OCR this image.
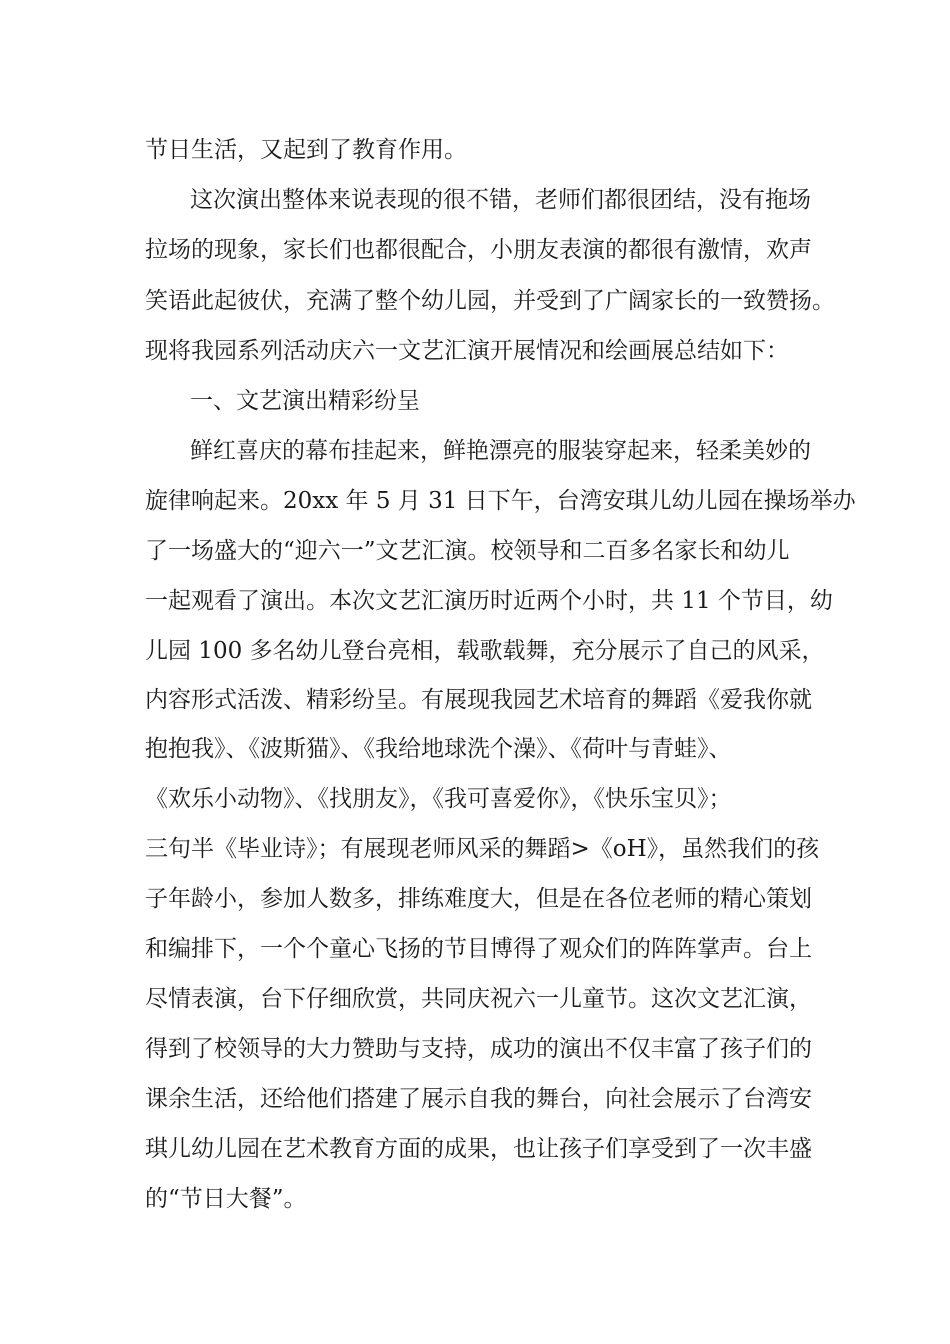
节日生活，又起到了教育作用。
这次演出整体来说表现的很不错，老师们都很团结，没有拖场
拉场的现象，家长们也都很配合，小朋友表演的都很有激情，欢声
笑语此起彼伏，充满了整个幼儿园，并受到了广阔家长的一致赞扬。
现将我园系列活动庆六一文艺汇演开展情况和绘画展总结如下：
一、文艺演出精彩纷呈
鲜红喜庆的幕布挂起来，鲜艳漂亮的服装穿起来，轻柔美妙的
旋律响起来。20xx 年 5 月 31 日下午，台湾安琪儿幼儿园在操场举办
了一场盛大的“迎六一”文艺汇演。校领导和二百多名家长和幼儿
一起观看了演出。本次文艺汇演历时近两个小时，共 11 个节目，幼
儿园 100 多名幼儿登台亮相，载歌载舞，充分展示了自己的风采，
内容形式活泼、精彩纷呈。有展现我园艺术培育的舞蹈《爱我你就
抱抱我》、《波斯猫》、《我给地球洗个澡》、《荷叶与青蛙》、
《欢乐小动物》、《找朋友》，《我可喜爱你》，《快乐宝贝》；
三句半《毕业诗》；有展现老师风采的舞蹈>《oH》，虽然我们的孩
子年龄小，参加人数多，排练难度大，但是在各位老师的精心策划
和编排下，一个个童心飞扬的节目博得了观众们的阵阵掌声。台上
尽情表演，台下仔细欣赏，共同庆祝六一儿童节。这次文艺汇演，
得到了校领导的大力赞助与支持，成功的演出不仅丰富了孩子们的
课余生活，还给他们搭建了展示自我的舞台，向社会展示了台湾安
琪儿幼儿园在艺术教育方面的成果，也让孩子们享受到了一次丰盛
的“节日大餐”。
